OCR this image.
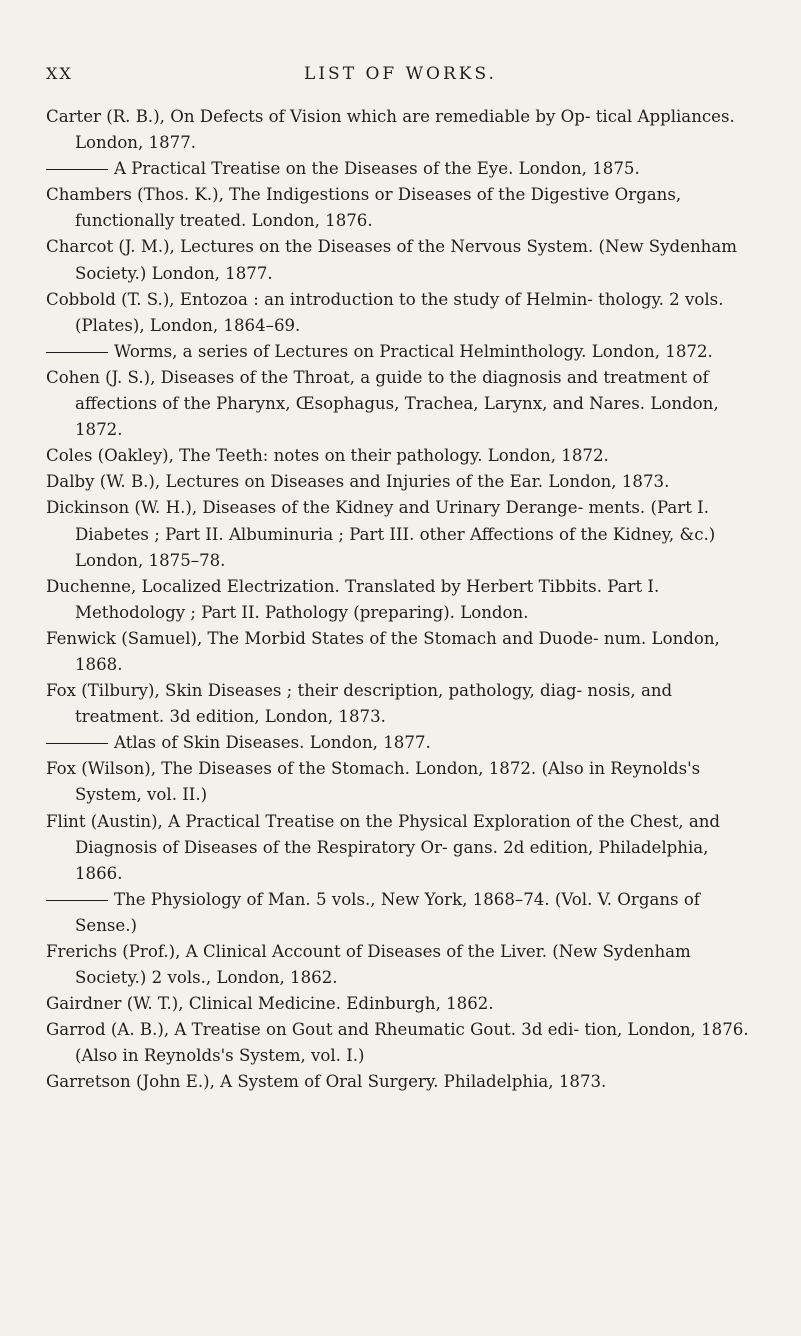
XX	LIST OF WORKS.
Carter (R. B.), On Defects of Vision which are remediable by Op- tical Appliances. London, 1877.
A Practical Treatise on the Diseases of the Eye. London, 1875.
Chambers (Thos. K.), The Indigestions or Diseases of the Digestive Organs, functionally treated. London, 1876.
Charcot (J. M.), Lectures on the Diseases of the Nervous System. (New Sydenham Society.) London, 1877.
Cobbold (T. S.), Entozoa : an introduction to the study of Helmin- thology. 2 vols. (Plates), London, 1864–69.
Worms, a series of Lectures on Practical Helminthology. London, 1872.
Cohen (J. S.), Diseases of the Throat, a guide to the diagnosis and treatment of affections of the Pharynx, Œsophagus, Trachea, Larynx, and Nares. London, 1872.
Coles (Oakley), The Teeth: notes on their pathology. London, 1872.
Dalby (W. B.), Lectures on Diseases and Injuries of the Ear. London, 1873.
Dickinson (W. H.), Diseases of the Kidney and Urinary Derange- ments. (Part I. Diabetes ; Part II. Albuminuria ; Part III. other Affections of the Kidney, &c.) London, 1875–78.
Duchenne, Localized Electrization. Translated by Herbert Tibbits. Part I. Methodology ; Part II. Pathology (preparing). London.
Fenwick (Samuel), The Morbid States of the Stomach and Duode- num. London, 1868.
Fox (Tilbury), Skin Diseases ; their description, pathology, diag- nosis, and treatment. 3d edition, London, 1873.
Atlas of Skin Diseases. London, 1877.
Fox (Wilson), The Diseases of the Stomach. London, 1872. (Also in Reynolds's System, vol. II.)
Flint (Austin), A Practical Treatise on the Physical Exploration of the Chest, and Diagnosis of Diseases of the Respiratory Or- gans. 2d edition, Philadelphia, 1866.
The Physiology of Man. 5 vols., New York, 1868–74. (Vol. V. Organs of Sense.)
Frerichs (Prof.), A Clinical Account of Diseases of the Liver. (New Sydenham Society.) 2 vols., London, 1862.
Gairdner (W. T.), Clinical Medicine. Edinburgh, 1862.
Garrod (A. B.), A Treatise on Gout and Rheumatic Gout. 3d edi- tion, London, 1876. (Also in Reynolds's System, vol. I.)
Garretson (John E.), A System of Oral Surgery. Philadelphia, 1873.
